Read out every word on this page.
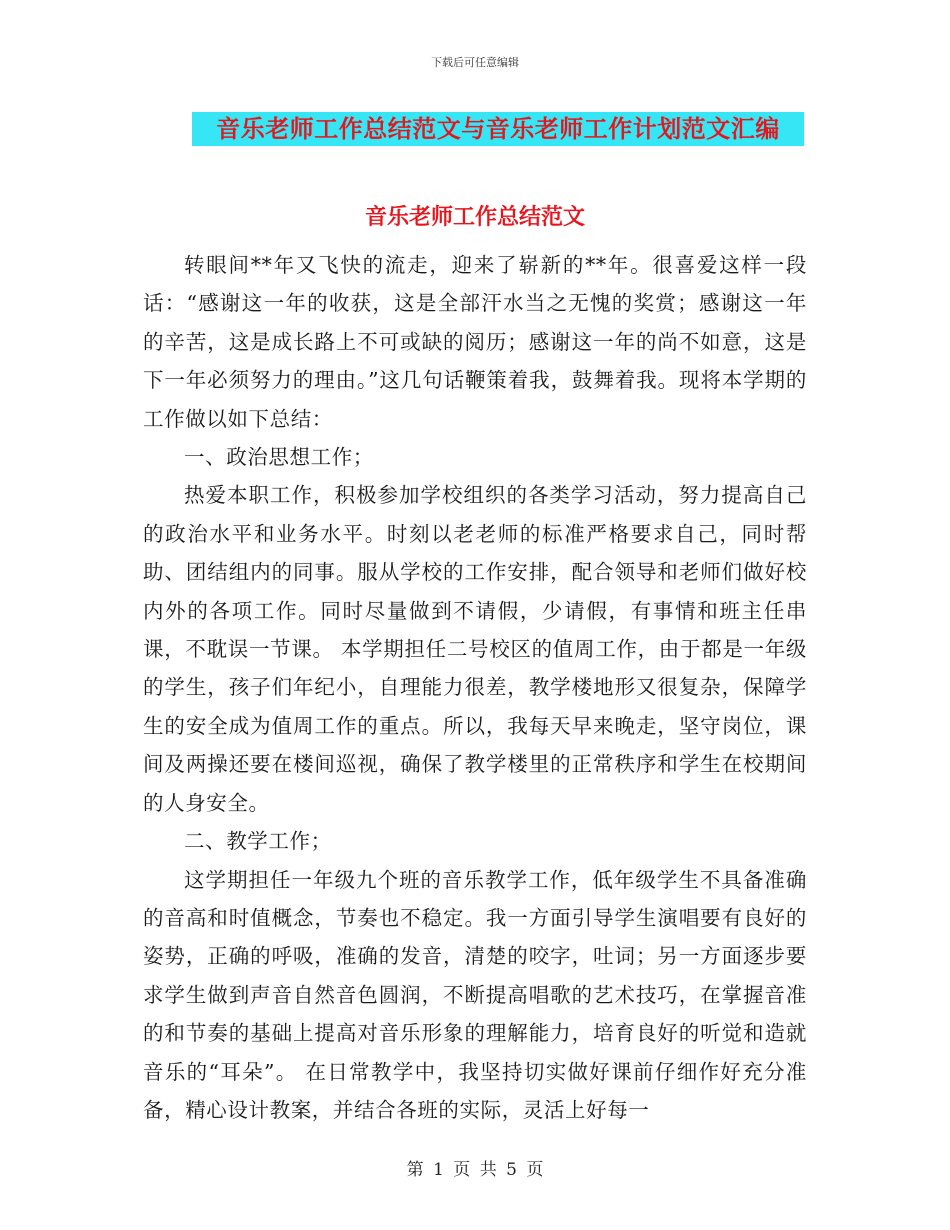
下载后可任意编辑
音乐老师工作总结范文与音乐老师工作计划范文汇编
音乐老师工作总结范文

转眼间**年又飞快的流走，迎来了崭新的**年。很喜爱这样一段话：“感谢这一年的收获，这是全部汗水当之无愧的奖赏；感谢这一年的辛苦，这是成长路上不可或缺的阅历；感谢这一年的尚不如意，这是下一年必须努力的理由。”这几句话鞭策着我，鼓舞着我。现将本学期的工作做以如下总结：

一、政治思想工作；

热爱本职工作，积极参加学校组织的各类学习活动，努力提高自己的政治水平和业务水平。时刻以老老师的标准严格要求自己，同时帮助、团结组内的同事。服从学校的工作安排，配合领导和老师们做好校内外的各项工作。同时尽量做到不请假，少请假，有事情和班主任串课，不耽误一节课。 本学期担任二号校区的值周工作，由于都是一年级的学生，孩子们年纪小，自理能力很差，教学楼地形又很复杂，保障学生的安全成为值周工作的重点。所以，我每天早来晚走，坚守岗位，课间及两操还要在楼间巡视，确保了教学楼里的正常秩序和学生在校期间的人身安全。

二、教学工作；

这学期担任一年级九个班的音乐教学工作，低年级学生不具备准确的音高和时值概念，节奏也不稳定。我一方面引导学生演唱要有良好的姿势，正确的呼吸，准确的发音，清楚的咬字，吐词；另一方面逐步要求学生做到声音自然音色圆润，不断提高唱歌的艺术技巧，在掌握音准的和节奏的基础上提高对音乐形象的理解能力，培育良好的听觉和造就音乐的“耳朵”。 在日常教学中，我坚持切实做好课前仔细作好充分准备，精心设计教案，并结合各班的实际，灵活上好每一

第 1 页 共 5 页
